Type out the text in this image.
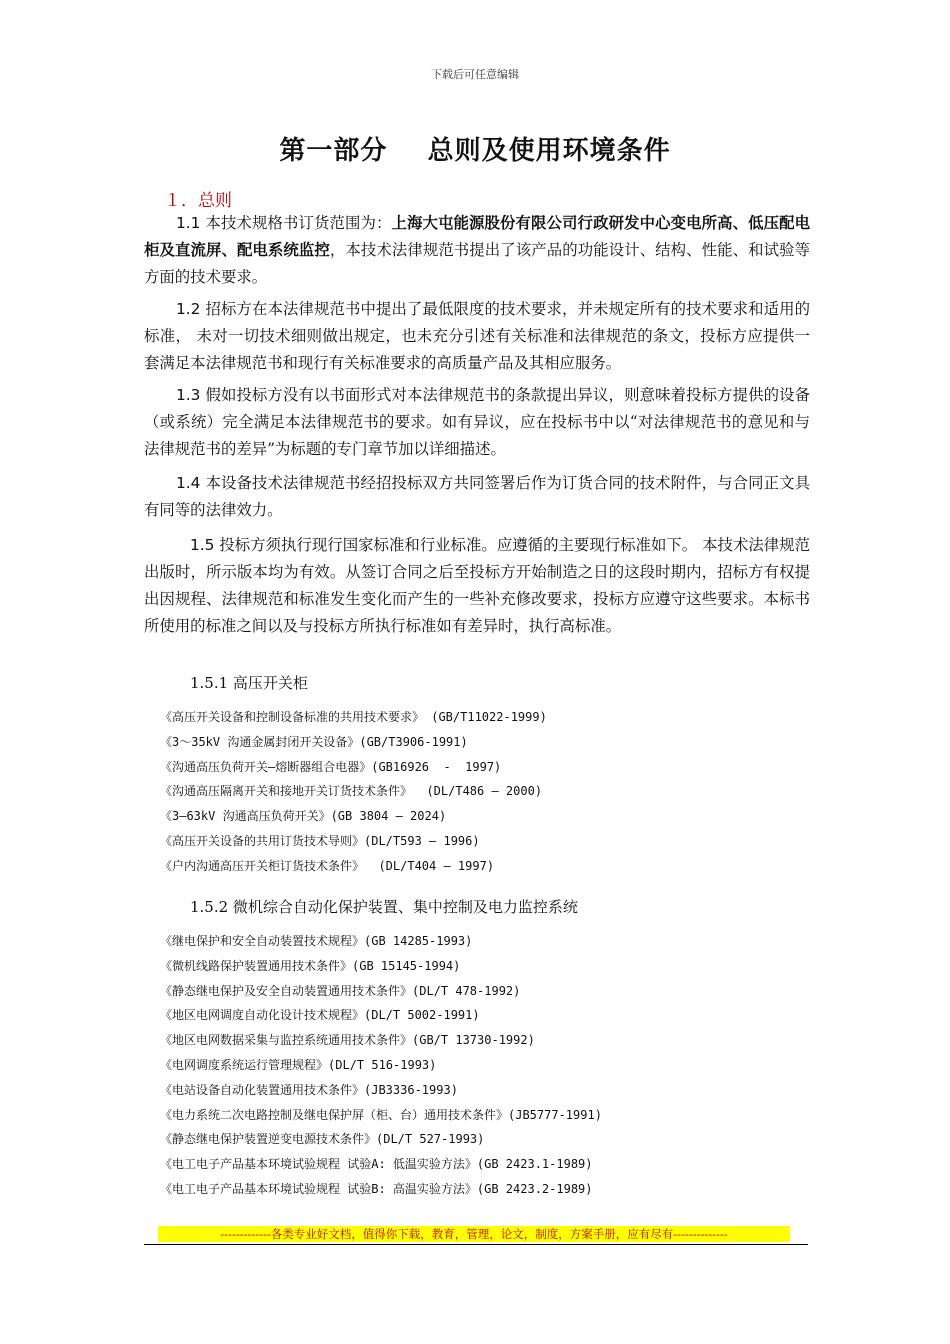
下载后可任意编辑
第一部分    总则及使用环境条件
１．总则
1.1 本技术规格书订货范围为：上海大屯能源股份有限公司行政研发中心变电所高、低压配电柜及直流屏、配电系统监控，本技术法律规范书提出了该产品的功能设计、结构、性能、和试验等方面的技术要求。
1.2 招标方在本法律规范书中提出了最低限度的技术要求，并未规定所有的技术要求和适用的标准， 未对一切技术细则做出规定，也未充分引述有关标准和法律规范的条文，投标方应提供一套满足本法律规范书和现行有关标准要求的高质量产品及其相应服务。
1.3 假如投标方没有以书面形式对本法律规范书的条款提出异议，则意味着投标方提供的设备（或系统）完全满足本法律规范书的要求。如有异议，应在投标书中以“对法律规范书的意见和与法律规范书的差异”为标题的专门章节加以详细描述。
1.4 本设备技术法律规范书经招投标双方共同签署后作为订货合同的技术附件，与合同正文具有同等的法律效力。
1.5 投标方须执行现行国家标准和行业标准。应遵循的主要现行标准如下。 本技术法律规范出版时，所示版本均为有效。从签订合同之后至投标方开始制造之日的这段时期内，招标方有权提出因规程、法律规范和标准发生变化而产生的一些补充修改要求，投标方应遵守这些要求。本标书所使用的标准之间以及与投标方所执行标准如有差异时，执行高标准。
1.5.1 高压开关柜
《高压开关设备和控制设备标准的共用技术要求》 (GB/T11022-1999)
《3～35kV 沟通金属封闭开关设备》(GB/T3906-1991)
《沟通高压负荷开关—熔断器组合电器》(GB16926  -  1997)
《沟通高压隔离开关和接地开关订货技术条件》  (DL/T486 — 2000)
《3—63kV 沟通高压负荷开关》(GB 3804 — 2024)
《高压开关设备的共用订货技术导则》(DL/T593 — 1996)
《户内沟通高压开关柜订货技术条件》  (DL/T404 — 1997)
1.5.2 微机综合自动化保护装置、集中控制及电力监控系统
《继电保护和安全自动装置技术规程》(GB 14285-1993)
《微机线路保护装置通用技术条件》(GB 15145-1994)
《静态继电保护及安全自动装置通用技术条件》(DL/T 478-1992)
《地区电网调度自动化设计技术规程》(DL/T 5002-1991)
《地区电网数据采集与监控系统通用技术条件》(GB/T 13730-1992)
《电网调度系统运行管理规程》(DL/T 516-1993)
《电站设备自动化装置通用技术条件》(JB3336-1993)
《电力系统二次电路控制及继电保护屏（柜、台）通用技术条件》(JB5777-1991)
《静态继电保护装置逆变电源技术条件》(DL/T 527-1993)
《电工电子产品基本环境试验规程 试验A: 低温实验方法》(GB 2423.1-1989)
《电工电子产品基本环境试验规程 试验B: 高温实验方法》(GB 2423.2-1989)
-------------各类专业好文档，值得你下载，教育，管理，论文，制度，方案手册，应有尽有--------------
